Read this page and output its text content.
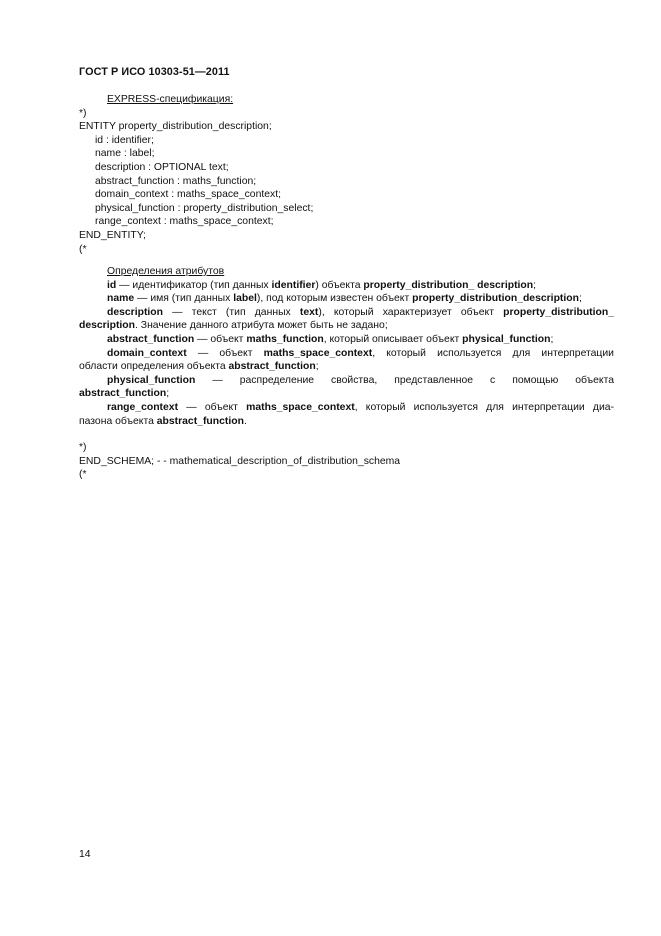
ГОСТ Р ИСО 10303-51—2011
EXPRESS-спецификация:
*)
ENTITY property_distribution_description;
id : identifier;
name : label;
description : OPTIONAL text;
abstract_function : maths_function;
domain_context : maths_space_context;
physical_function : property_distribution_select;
range_context : maths_space_context;
END_ENTITY;
(*
Определения атрибутов
id — идентификатор (тип данных identifier) объекта property_distribution_ description;
name — имя (тип данных label), под которым известен объект property_distribution_description;
description — текст (тип данных text), который характеризует объект property_distribution_
description. Значение данного атрибута может быть не задано;
abstract_function — объект maths_function, который описывает объект physical_function;
domain_context — объект maths_space_context, который используется для интерпретации
области определения объекта abstract_function;
physical_function — распределение свойства, представленное с помощью объекта
abstract_function;
range_context — объект maths_space_context, который используется для интерпретации диа-
пазона объекта abstract_function.
*)
END_SCHEMA; - - mathematical_description_of_distribution_schema
(*
14
